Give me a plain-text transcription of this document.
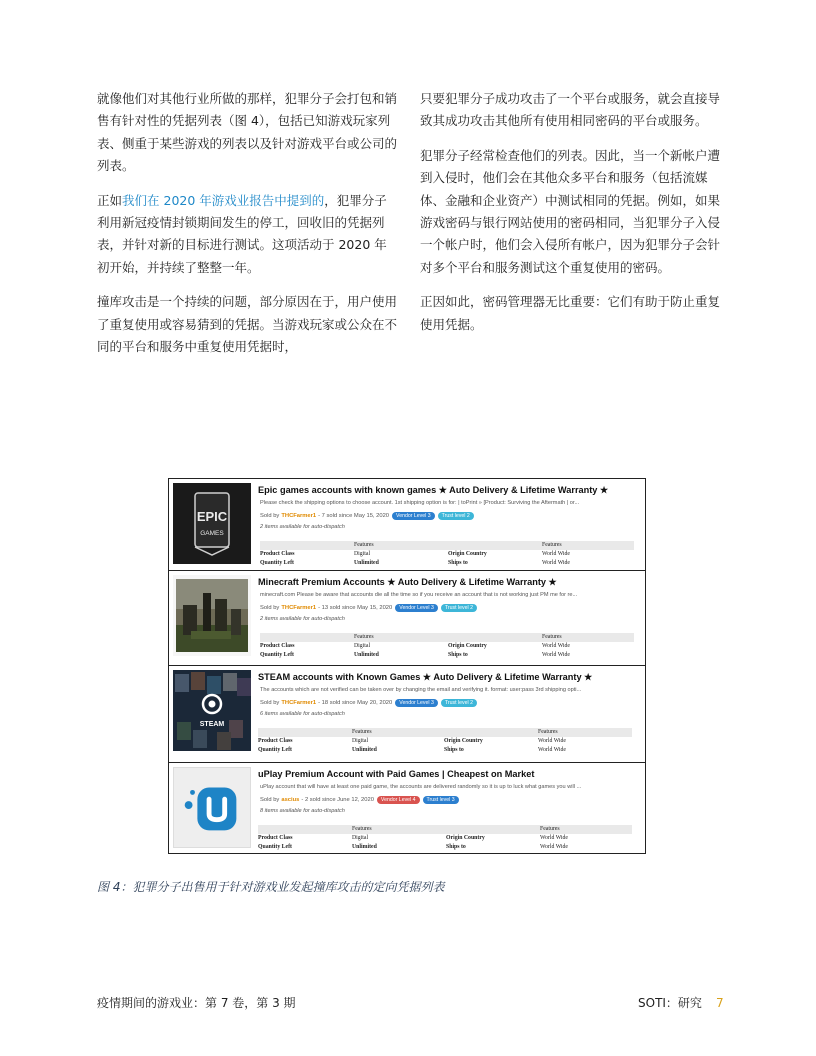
就像他们对其他行业所做的那样，犯罪分子会打包和销售有针对性的凭据列表（图 4），包括已知游戏玩家列表、侧重于某些游戏的列表以及针对游戏平台或公司的列表。

正如我们在 2020 年游戏业报告中提到的，犯罪分子利用新冠疫情封锁期间发生的停工，回收旧的凭据列表，并针对新的目标进行测试。这项活动于 2020 年初开始，并持续了整整一年。

撞库攻击是一个持续的问题，部分原因在于，用户使用了重复使用或容易猜到的凭据。当游戏玩家或公众在不同的平台和服务中重复使用凭据时，

只要犯罪分子成功攻击了一个平台或服务，就会直接导致其成功攻击其他所有使用相同密码的平台或服务。

犯罪分子经常检查他们的列表。因此，当一个新帐户遭到入侵时，他们会在其他众多平台和服务（包括流媒体、金融和企业资产）中测试相同的凭据。例如，如果游戏密码与银行网站使用的密码相同，当犯罪分子入侵一个帐户时，他们会入侵所有帐户，因为犯罪分子会针对多个平台和服务测试这个重复使用的密码。

正因如此，密码管理器无比重要：它们有助于防止重复使用凭据。

EPIC
GAMES
Epic games accounts with known games ★ Auto Delivery & Lifetime Warranty ★
Please check the shipping options to choose account. 1st shipping option is for: | toPrint » [Product: Surviving the Aftermath | or...
Sold by THCFarmer1 - 7 sold since May 15, 2020	Vendor Level 3	Trust level 2
2 items available for auto-dispatch
Features	Features
Product Class	Digital	Origin Country	World Wide
Quantity Left	Unlimited	Ships to	World Wide
Minecraft Premium Accounts ★ Auto Delivery & Lifetime Warranty ★
minecraft.com Please be aware that accounts die all the time so if you receive an account that is not working just PM me for re...
Sold by THCFarmer1 - 13 sold since May 15, 2020	Vendor Level 3	Trust level 2
2 items available for auto-dispatch
Features	Features
Product Class	Digital	Origin Country	World Wide
Quantity Left	Unlimited	Ships to	World Wide
STEAM
STEAM accounts with Known Games ★ Auto Delivery & Lifetime Warranty ★
The accounts which are not verified can be taken over by changing the email and verifying it. format: user:pass 3rd shipping opti...
Sold by THCFarmer1 - 18 sold since May 20, 2020	Vendor Level 3	Trust level 2
6 items available for auto-dispatch
Features	Features
Product Class	Digital	Origin Country	World Wide
Quantity Left	Unlimited	Ships to	World Wide
uPlay Premium Account with Paid Games | Cheapest on Market
uPlay account that will have at least one paid game, the accounts are delivered randomly so it is up to luck what games you will ...
Sold by ascius - 2 sold since June 12, 2020	Vendor Level 4	Trust level 3
8 items available for auto-dispatch
Features	Features
Product Class	Digital	Origin Country	World Wide
Quantity Left	Unlimited	Ships to	World Wide
图 4：犯罪分子出售用于针对游戏业发起撞库攻击的定向凭据列表
疫情期间的游戏业：第 7 卷，第 3 期	SOTI：研究 7
